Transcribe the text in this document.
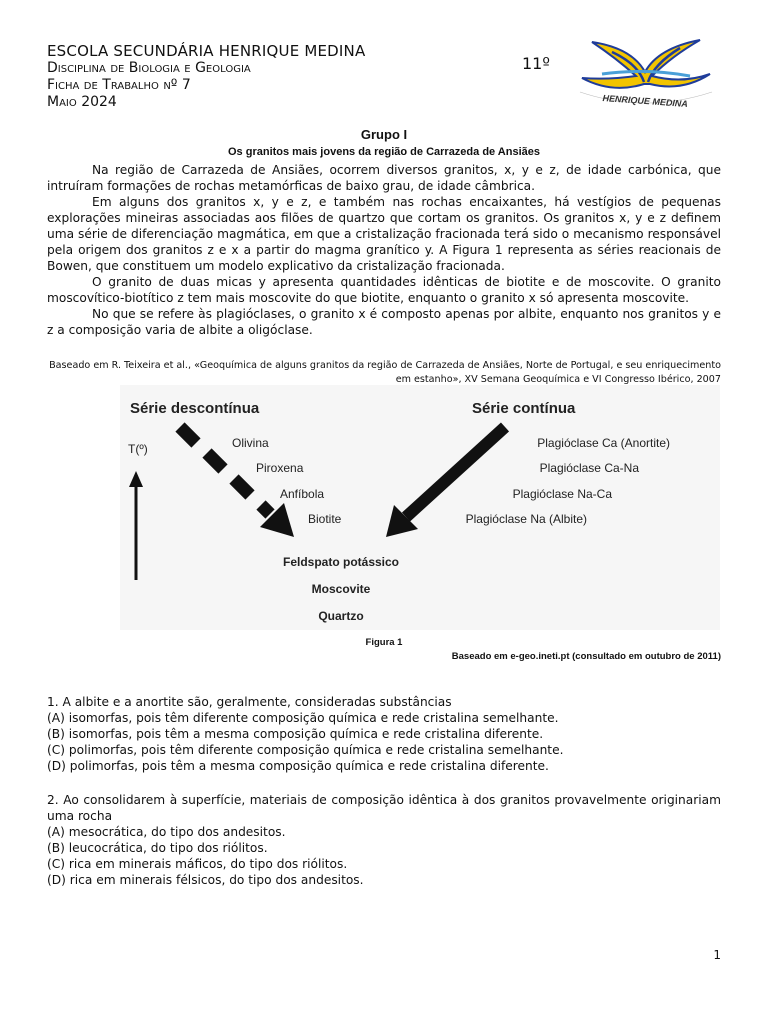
ESCOLA SECUNDÁRIA HENRIQUE MEDINA
Disciplina de Biologia e Geologia
Ficha de Trabalho nº 7
Maio 2024
11º
HENRIQUE MEDINA
Grupo I
Os granitos mais jovens da região de Carrazeda de Ansiães

Na região de Carrazeda de Ansiães, ocorrem diversos granitos, x, y e z, de idade carbónica, que intruíram formações de rochas metamórficas de baixo grau, de idade câmbrica.

Em alguns dos granitos x, y e z, e também nas rochas encaixantes, há vestígios de pequenas explorações mineiras associadas aos filões de quartzo que cortam os granitos. Os granitos x, y e z definem uma série de diferenciação magmática, em que a cristalização fracionada terá sido o mecanismo responsável pela origem dos granitos z e x a partir do magma granítico y. A Figura 1 representa as séries reacionais de Bowen, que constituem um modelo explicativo da cristalização fracionada.

O granito de duas micas y apresenta quantidades idênticas de biotite e de moscovite. O granito moscovítico-biotítico z tem mais moscovite do que biotite, enquanto o granito x só apresenta moscovite.

No que se refere às plagióclases, o granito x é composto apenas por albite, enquanto nos granitos y e z a composição varia de albite a oligóclase.

Baseado em R. Teixeira et al., «Geoquímica de alguns granitos da região de Carrazeda de Ansiães, Norte de Portugal, e seu enriquecimento em estanho», XV Semana Geoquímica e VI Congresso Ibérico, 2007
Série descontínua	Série contínua
T(º)	Olivina
Piroxena
Anfíbola
Biotite
Plagióclase Ca (Anortite)
Plagióclase Ca-Na
Plagióclase Na-Ca
Plagióclase Na (Albite)
Feldspato potássico
Moscovite
Quartzo
Figura 1
Baseado em e-geo.ineti.pt (consultado em outubro de 2011)
1. A albite e a anortite são, geralmente, consideradas substâncias
(A) isomorfas, pois têm diferente composição química e rede cristalina semelhante.
(B) isomorfas, pois têm a mesma composição química e rede cristalina diferente.
(C) polimorfas, pois têm diferente composição química e rede cristalina semelhante.
(D) polimorfas, pois têm a mesma composição química e rede cristalina diferente.
2. Ao consolidarem à superfície, materiais de composição idêntica à dos granitos provavelmente originariam uma rocha
(A) mesocrática, do tipo dos andesitos.
(B) leucocrática, do tipo dos riólitos.
(C) rica em minerais máficos, do tipo dos riólitos.
(D) rica em minerais félsicos, do tipo dos andesitos.
1
